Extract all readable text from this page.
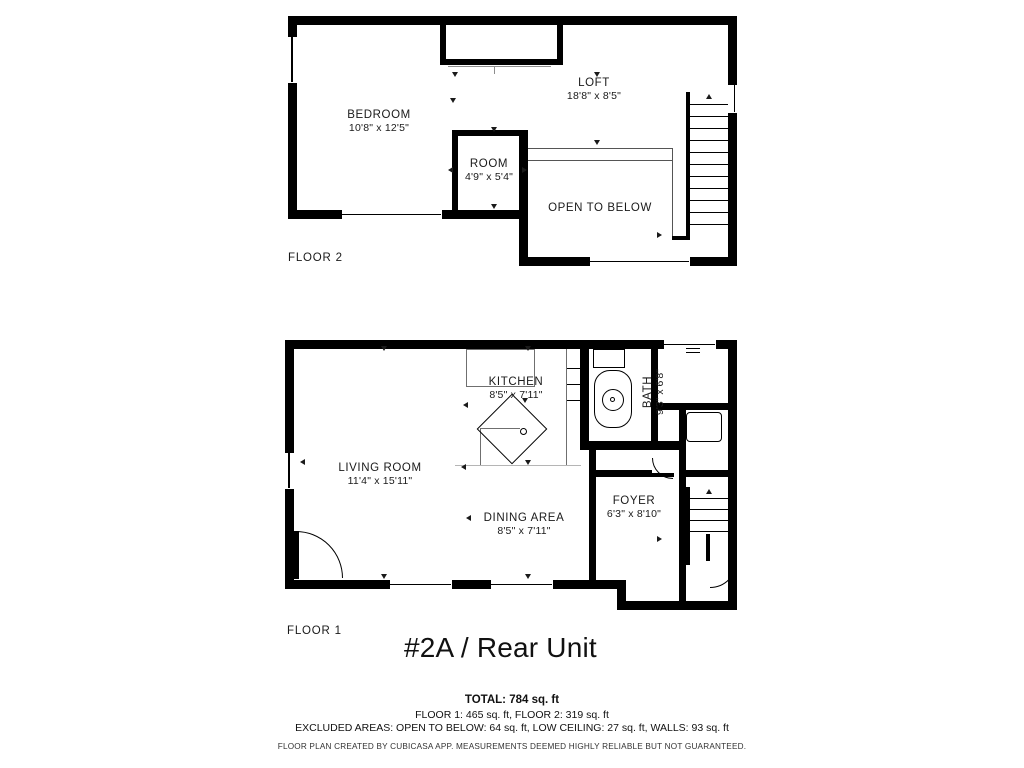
BEDROOM
10'8" x 12'5"
LOFT
18'8" x 8'5"
ROOM
4'9" x 5'4"
OPEN TO BELOW
FLOOR 2
KITCHEN
8'5" x 7'11"	BATH 9'3" x 6'8"
LIVING ROOM
11'4" x 15'11"
DINING AREA
8'5" x 7'11"
FOYER
6'3" x 8'10"
FLOOR 1
#2A / Rear Unit
TOTAL: 784 sq. ft
FLOOR 1: 465 sq. ft, FLOOR 2: 319 sq. ft
EXCLUDED AREAS: OPEN TO BELOW: 64 sq. ft, LOW CEILING: 27 sq. ft, WALLS: 93 sq. ft
FLOOR PLAN CREATED BY CUBICASA APP. MEASUREMENTS DEEMED HIGHLY RELIABLE BUT NOT GUARANTEED.
